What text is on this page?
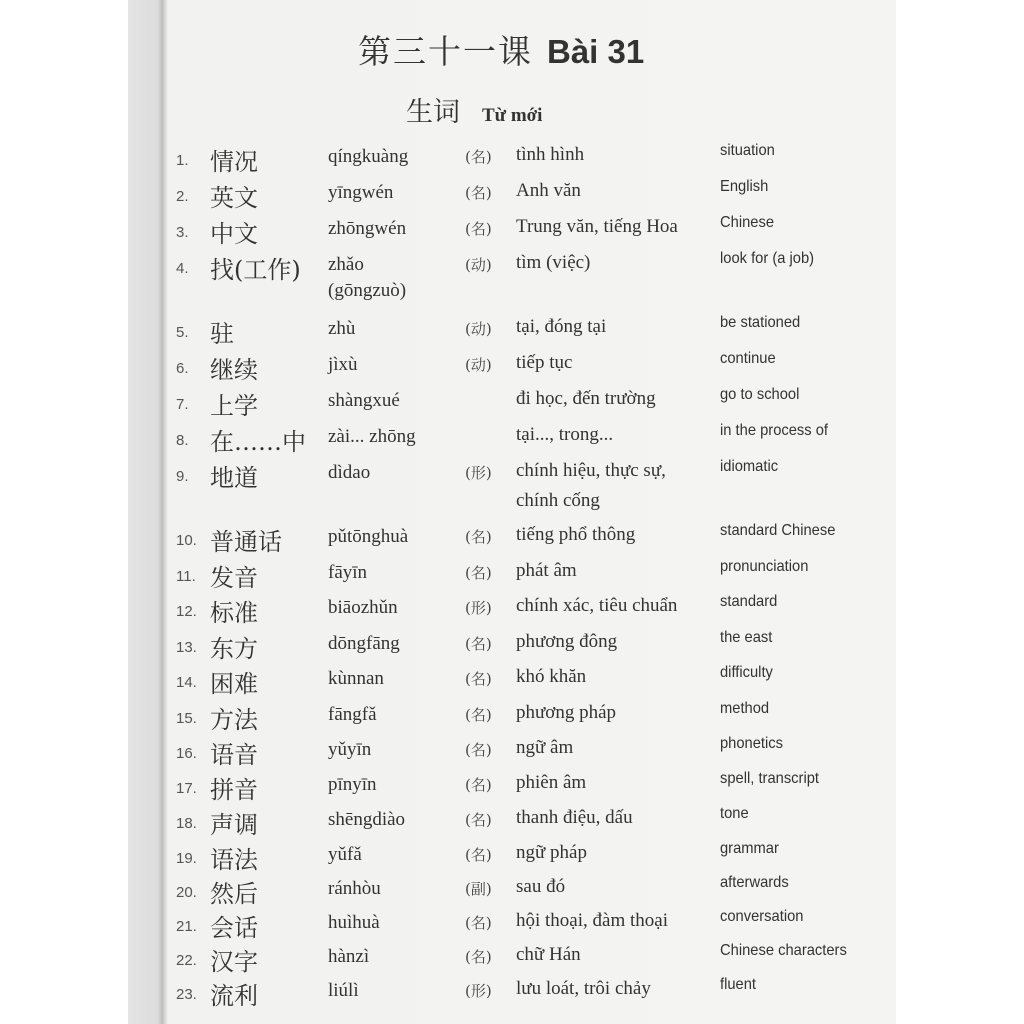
第三十一课 Bài 31
生词 Từ mới
1. 情况	qíngkuàng	(名) tình hình	situation
2. 英文	yīngwén	(名) Anh văn	English
3. 中文	zhōngwén	(名) Trung văn, tiếng Hoa	Chinese
4. 找(工作) zhǎo	(动) tìm (việc)	look for (a job)
(gōngzuò)
5. 驻	zhù	(动) tại, đóng tại	be stationed
6. 继续	jìxù	(动) tiếp tục	continue
7. 上学	shàngxué	đi học, đến trường	go to school
8. 在……中 zài... zhōng	tại..., trong...	in the process of
9. 地道	dìdao	(形) chính hiệu, thực sự,	idiomatic
chính cống
10. 普通话 pǔtōnghuà	(名) tiếng phổ thông	standard Chinese
11. 发音	fāyīn	(名) phát âm	pronunciation
12. 标准	biāozhǔn	(形) chính xác, tiêu chuẩn	standard
13. 东方	dōngfāng	(名) phương đông	the east
14. 困难	kùnnan	(名) khó khăn	difficulty
15. 方法	fāngfǎ	(名) phương pháp	method
16. 语音	yǔyīn	(名) ngữ âm	phonetics
17. 拼音	pīnyīn	(名) phiên âm	spell, transcript
18. 声调	shēngdiào	(名) thanh điệu, dấu	tone
19. 语法	yǔfǎ	(名) ngữ pháp	grammar
20. 然后	ránhòu	(副) sau đó	afterwards
21. 会话	huìhuà	(名) hội thoại, đàm thoại	conversation
22. 汉字	hànzì	(名) chữ Hán	Chinese characters
23. 流利	liúlì	(形) lưu loát, trôi chảy	fluent
